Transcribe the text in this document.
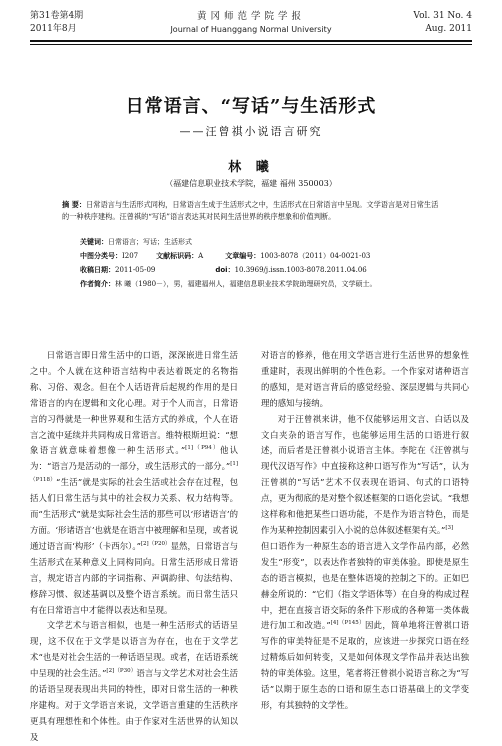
第31卷第4期
2011年8月
黄冈师范学院学报
Journal of Huanggang Normal University
Vol. 31 No. 4
Aug. 2011
日常语言、“写话”与生活形式
——汪曾祺小说语言研究
林 曦
（福建信息职业技术学院，福建 福州 350003）
摘 要：日常语言与生活形式同构，日常语言生成于生活形式之中，生活形式在日常语言中呈现。文学语言是对日常生活的一种秩序建构。汪曾祺的“写话”语言表达其对民间生活世界的秩序想象和价值判断。
关键词：日常语言；写话；生活形式
中图分类号：I207	文献标识码：A	文章编号：1003-8078（2011）04-0021-03
收稿日期：2011-05-09	doi：10.3969/j.issn.1003-8078.2011.04.06
作者简介：林 曦（1980－），男，福建福州人，福建信息职业技术学院助理研究员，文学硕士。

日常语言即日常生活中的口语，深深嵌进日常生活之中。个人就在这种语言结构中表达着既定的名物指称、习俗、观念。但在个人话语背后起规约作用的是日常语言的内在逻辑和文化心理。对于个人而言，日常语言的习得就是一种世界观和生活方式的养成，个人在语言之流中延续并共同构成日常语言。维特根斯坦说：“想象语言就意味着想像一种生活形式。”$^{[1](P94)}$他认为：“语言乃是活动的一部分，或生活形式的一部分。”$^{[1](P118)}$“生活”就是实际的社会生活或社会存在过程，包括人们日常生活与其中的社会权力关系、权力结构等。而“生活形式”就是实际社会生活的那些可以‘形诸语言’的方面。‘形诸语言’也就是在语言中被理解和呈现，或者说通过语言而‘构形’（卡西尔）。”$^{[2](P20)}$显然，日常语言与生活形式在某种意义上同构同向。日常生活形成日常语言，规定语言内部的字词指称、声调韵律、句法结构、修辞习惯、叙述基调以及整个语言系统。而日常生活只有在日常语言中才能得以表达和呈现。

文学艺术与语言相似，也是一种生活形式的话语呈现，这不仅在于文学是以语言为存在，也在于文学艺术“也是对社会生活的一种话语呈现。或者，在话语系统中呈现的社会生活。”$^{[2](P30)}$语言与文学艺术对社会生活的话语呈现表现出共同的特性，即对日常生活的一种秩序建构。对于文学语言来说，文学语言重建的生活秩序更具有理想性和个体性。由于作家对生活世界的认知以及

对语言的修养，他在用文学语言进行生活世界的想象性重建时，表现出鲜明的个性色彩。一个作家对诸种语言的感知，是对语言背后的感觉经验、深层逻辑与共同心理的感知与接纳。

对于汪曾祺来讲，他不仅能够运用文言、白话以及文白夹杂的语言写作，也能够运用生活的口语进行叙述，而后者是汪曾祺小说语言主体。李陀在《汪曾祺与现代汉语写作》中直接称这种口语写作为“写话”，认为汪曾祺的“写话”艺术不仅表现在语词、句式的口语特点，更为彻底的是对整个叙述框架的口语化尝试。“我想这样称和他把某些口语功能，不是作为语言特色，而是作为某种控制因素引入小说的总体叙述框架有关。”[3]

但口语作为一种原生态的语言进入文学作品内部，必然发生“形变”，以表达作者独特的审美体验。即使是原生态的语言模拟，也是在整体语境的控制之下的。正如巴赫金所说的：“它们（指文学语体等）在自身的构成过程中，把在直接言语交际的条件下形成的各种第一类体裁进行加工和改造。”$^{[4](P145)}$因此，简单地将汪曾祺口语写作的审美特征是不足取的，应该进一步探究口语在经过精炼后如何转变，又是如何体现文学作品并表达出独特的审美体验。这里，笔者将汪曾祺小说语言称之为“写话”以期于原生态的口语和原生态口语基础上的文学变形，有其独特的文学性。
